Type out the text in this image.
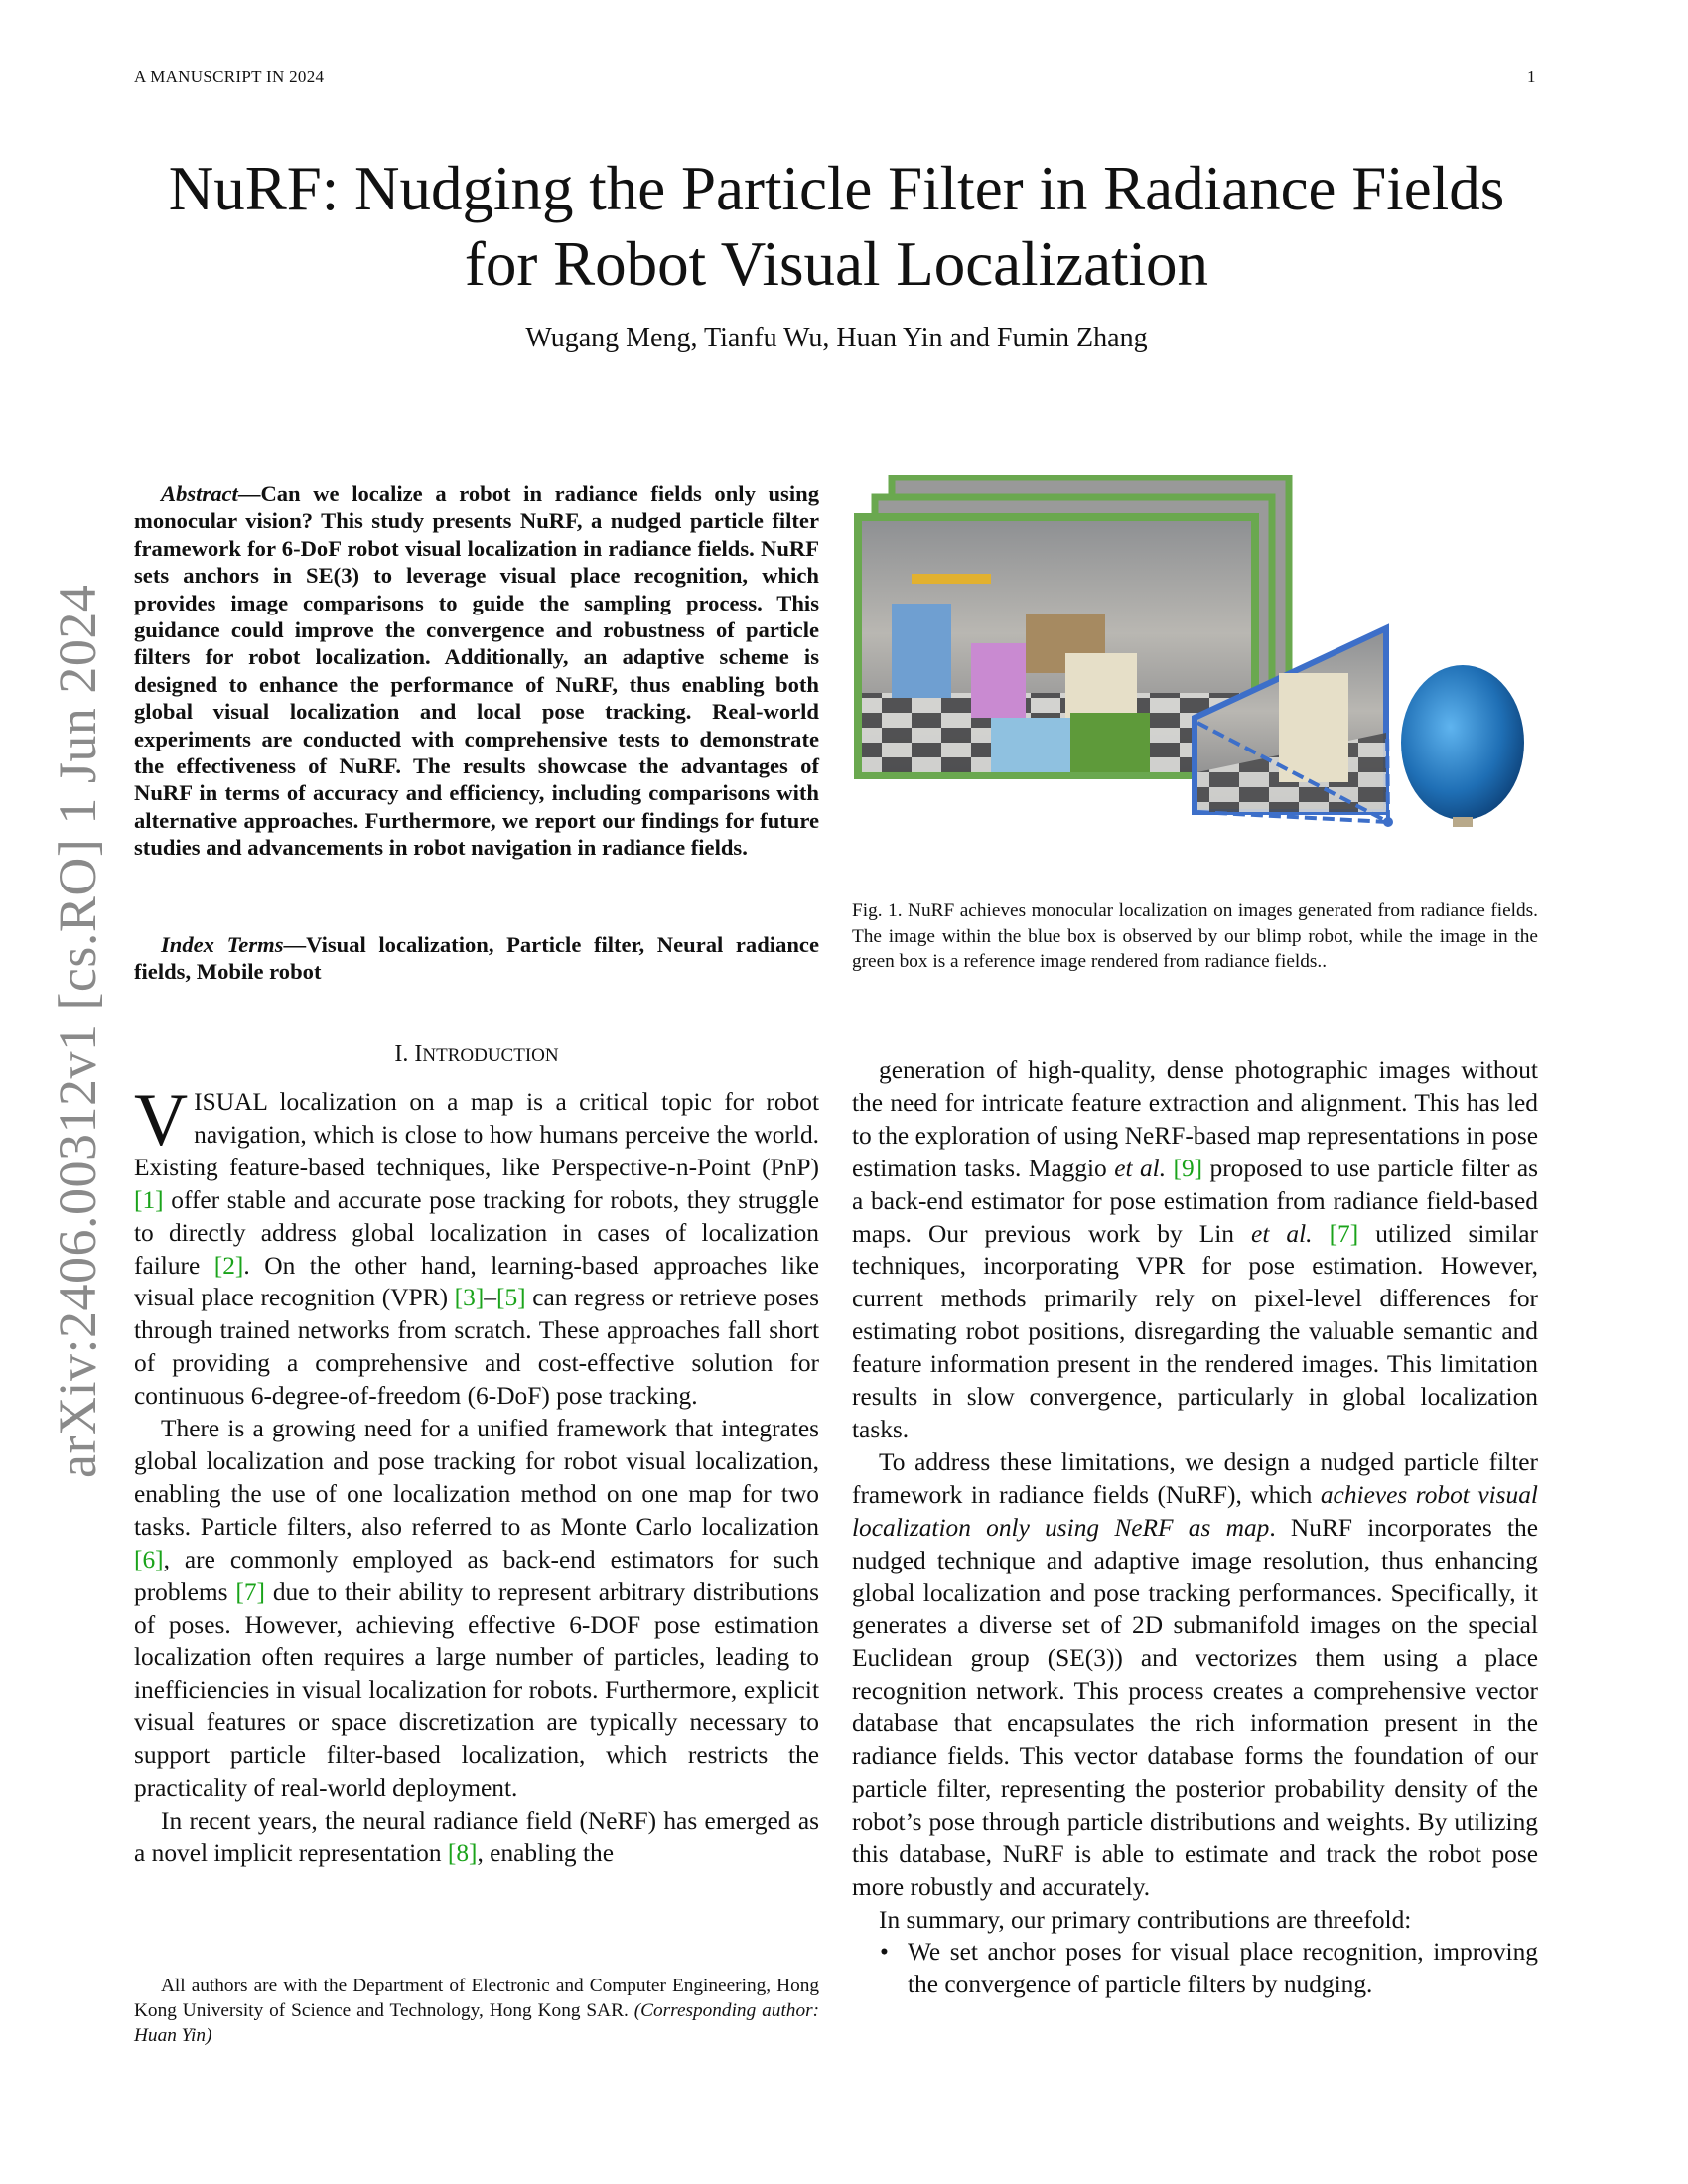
A MANUSCRIPT IN 2024	1
NuRF: Nudging the Particle Filter in Radiance Fields for Robot Visual Localization
Wugang Meng, Tianfu Wu, Huan Yin and Fumin Zhang
arXiv:2406.00312v1 [cs.RO] 1 Jun 2024
Abstract—Can we localize a robot in radiance fields only using monocular vision? This study presents NuRF, a nudged particle filter framework for 6-DoF robot visual localization in radiance fields. NuRF sets anchors in SE(3) to leverage visual place recognition, which provides image comparisons to guide the sampling process. This guidance could improve the convergence and robustness of particle filters for robot localization. Additionally, an adaptive scheme is designed to enhance the performance of NuRF, thus enabling both global visual localization and local pose tracking. Real-world experiments are conducted with comprehensive tests to demonstrate the effectiveness of NuRF. The results showcase the advantages of NuRF in terms of accuracy and efficiency, including comparisons with alternative approaches. Furthermore, we report our findings for future studies and advancements in robot navigation in radiance fields.
Index Terms—Visual localization, Particle filter, Neural radiance fields, Mobile robot
Fig. 1. NuRF achieves monocular localization on images generated from radiance fields. The image within the blue box is observed by our blimp robot, while the image in the green box is a reference image rendered from radiance fields..
I. INTRODUCTION

VISUAL localization on a map is a critical topic for robot navigation, which is close to how humans perceive the world. Existing feature-based techniques, like Perspective-n-Point (PnP) [1] offer stable and accurate pose tracking for robots, they struggle to directly address global localization in cases of localization failure [2]. On the other hand, learning-based approaches like visual place recognition (VPR) [3]–[5] can regress or retrieve poses through trained networks from scratch. These approaches fall short of providing a comprehensive and cost-effective solution for continuous 6-degree-of-freedom (6-DoF) pose tracking.

There is a growing need for a unified framework that integrates global localization and pose tracking for robot visual localization, enabling the use of one localization method on one map for two tasks. Particle filters, also referred to as Monte Carlo localization [6], are commonly employed as back-end estimators for such problems [7] due to their ability to represent arbitrary distributions of poses. However, achieving effective 6-DOF pose estimation localization often requires a large number of particles, leading to inefficiencies in visual localization for robots. Furthermore, explicit visual features or space discretization are typically necessary to support particle filter-based localization, which restricts the practicality of real-world deployment.

In recent years, the neural radiance field (NeRF) has emerged as a novel implicit representation [8], enabling the

generation of high-quality, dense photographic images without the need for intricate feature extraction and alignment. This has led to the exploration of using NeRF-based map representations in pose estimation tasks. Maggio et al. [9] proposed to use particle filter as a back-end estimator for pose estimation from radiance field-based maps. Our previous work by Lin et al. [7] utilized similar techniques, incorporating VPR for pose estimation. However, current methods primarily rely on pixel-level differences for estimating robot positions, disregarding the valuable semantic and feature information present in the rendered images. This limitation results in slow convergence, particularly in global localization tasks.

To address these limitations, we design a nudged particle filter framework in radiance fields (NuRF), which achieves robot visual localization only using NeRF as map. NuRF incorporates the nudged technique and adaptive image resolution, thus enhancing global localization and pose tracking performances. Specifically, it generates a diverse set of 2D submanifold images on the special Euclidean group (SE(3)) and vectorizes them using a place recognition network. This process creates a comprehensive vector database that encapsulates the rich information present in the radiance fields. This vector database forms the foundation of our particle filter, representing the posterior probability density of the robot’s pose through particle distributions and weights. By utilizing this database, NuRF is able to estimate and track the robot pose more robustly and accurately.

In summary, our primary contributions are threefold:

• We set anchor poses for visual place recognition, improving the convergence of particle filters by nudging.
All authors are with the Department of Electronic and Computer Engineering, Hong Kong University of Science and Technology, Hong Kong SAR. (Corresponding author: Huan Yin)
